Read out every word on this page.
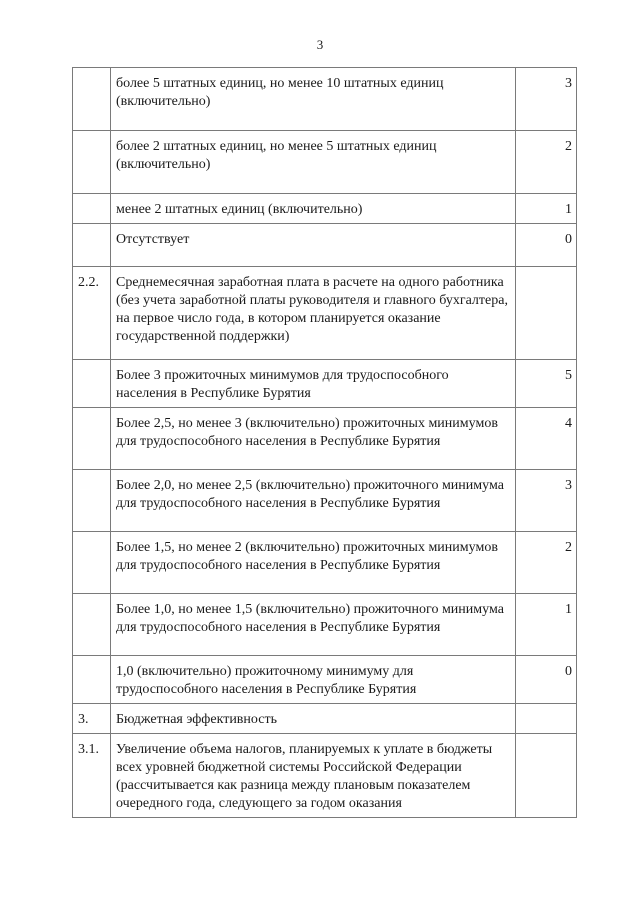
3
	более 5 штатных единиц, но менее 10 штатных единиц (включительно)	3
	более 2 штатных единиц, но менее 5 штатных единиц (включительно)	2
	менее 2 штатных единиц (включительно)	1
	Отсутствует	0
2.2.	Среднемесячная заработная плата в расчете на одного работника (без учета заработной платы руководителя и главного бухгалтера, на первое число года, в котором планируется оказание государственной поддержки)	
	Более 3 прожиточных минимумов для трудоспособного населения в Республике Бурятия	5
	Более 2,5, но менее 3 (включительно) прожиточных минимумов для трудоспособного населения в Республике Бурятия	4
	Более 2,0, но менее 2,5 (включительно) прожиточного минимума для трудоспособного населения в Республике Бурятия	3
	Более 1,5, но менее 2 (включительно) прожиточных минимумов для трудоспособного населения в Республике Бурятия	2
	Более 1,0, но менее 1,5 (включительно) прожиточного минимума для трудоспособного населения в Республике Бурятия	1
	1,0 (включительно) прожиточному минимуму для трудоспособного населения в Республике Бурятия	0
3.	Бюджетная эффективность	
3.1.	Увеличение объема налогов, планируемых к уплате в бюджеты всех уровней бюджетной системы Российской Федерации (рассчитывается как разница между плановым показателем очередного года, следующего за годом оказания	
